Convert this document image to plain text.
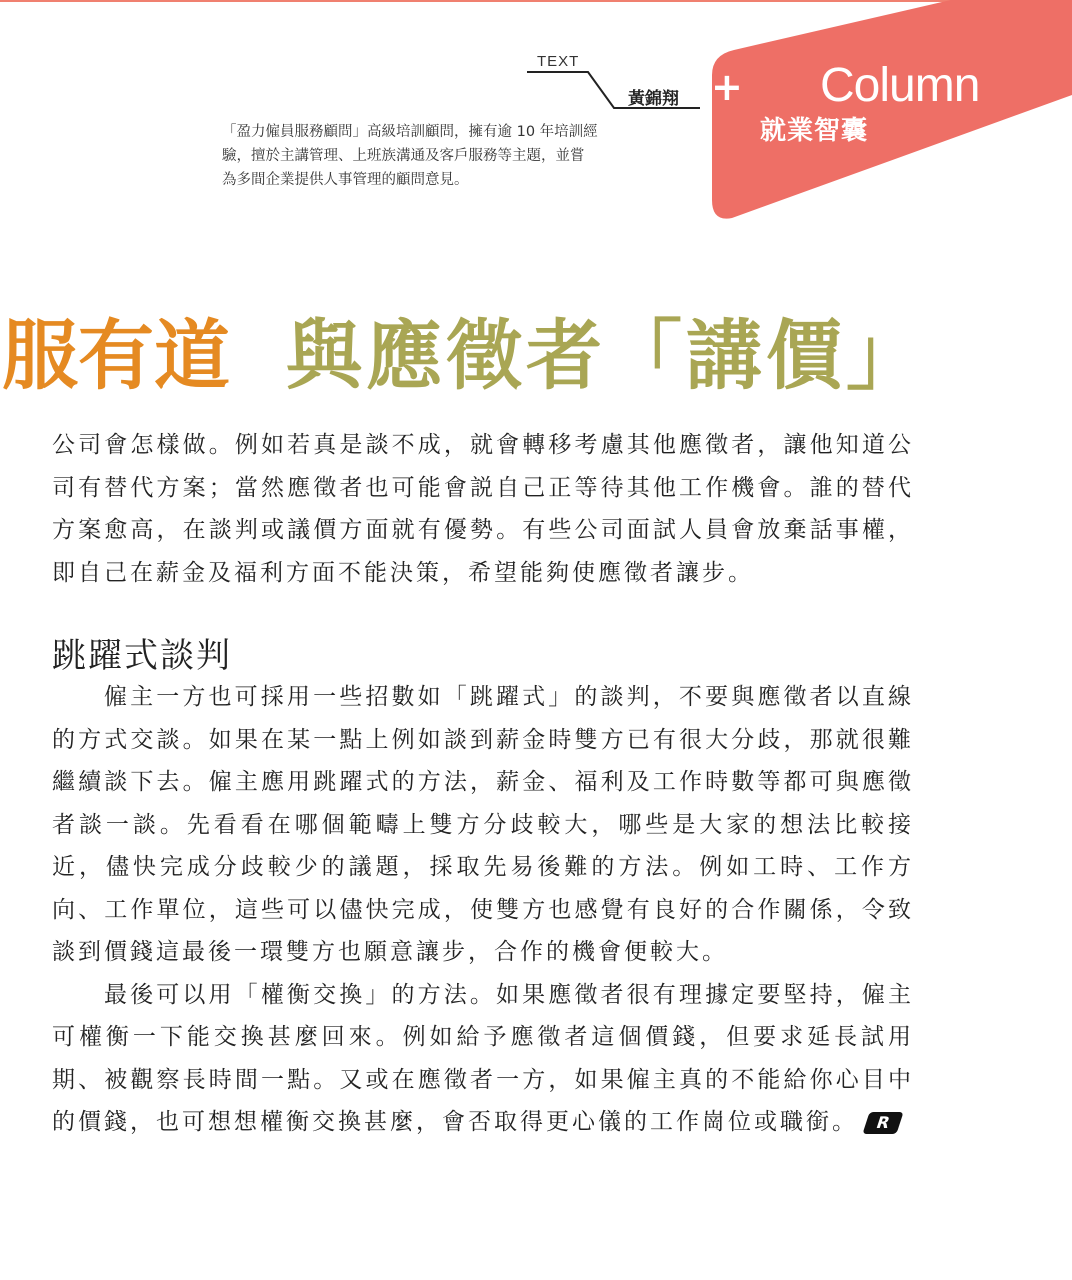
TEXT
黃錦翔

「盈力僱員服務顧問」高級培訓顧問，擁有逾 10 年培訓經

驗，擅於主講管理、上班族溝通及客戶服務等主題，並嘗

為多間企業提供人事管理的顧問意見。

+ Column
就業智囊
服有道 與應徵者「講價」

公司會怎樣做。例如若真是談不成，就會轉移考慮其他應徵者，讓他知道公司有替代方案；當然應徵者也可能會説自己正等待其他工作機會。誰的替代方案愈高，在談判或議價方面就有優勢。有些公司面試人員會放棄話事權，即自己在薪金及福利方面不能決策，希望能夠使應徵者讓步。

跳躍式談判

僱主一方也可採用一些招數如「跳躍式」的談判，不要與應徵者以直線的方式交談。如果在某一點上例如談到薪金時雙方已有很大分歧，那就很難繼續談下去。僱主應用跳躍式的方法，薪金、福利及工作時數等都可與應徵者談一談。先看看在哪個範疇上雙方分歧較大，哪些是大家的想法比較接近，儘快完成分歧較少的議題，採取先易後難的方法。例如工時、工作方向、工作單位，這些可以儘快完成，使雙方也感覺有良好的合作關係，令致談到價錢這最後一環雙方也願意讓步，合作的機會便較大。

最後可以用「權衡交換」的方法。如果應徵者很有理據定要堅持，僱主可權衡一下能交換甚麼回來。例如給予應徵者這個價錢，但要求延長試用期、被觀察長時間一點。又或在應徵者一方，如果僱主真的不能給你心目中的價錢，也可想想權衡交換甚麼，會否取得更心儀的工作崗位或職銜。 R
